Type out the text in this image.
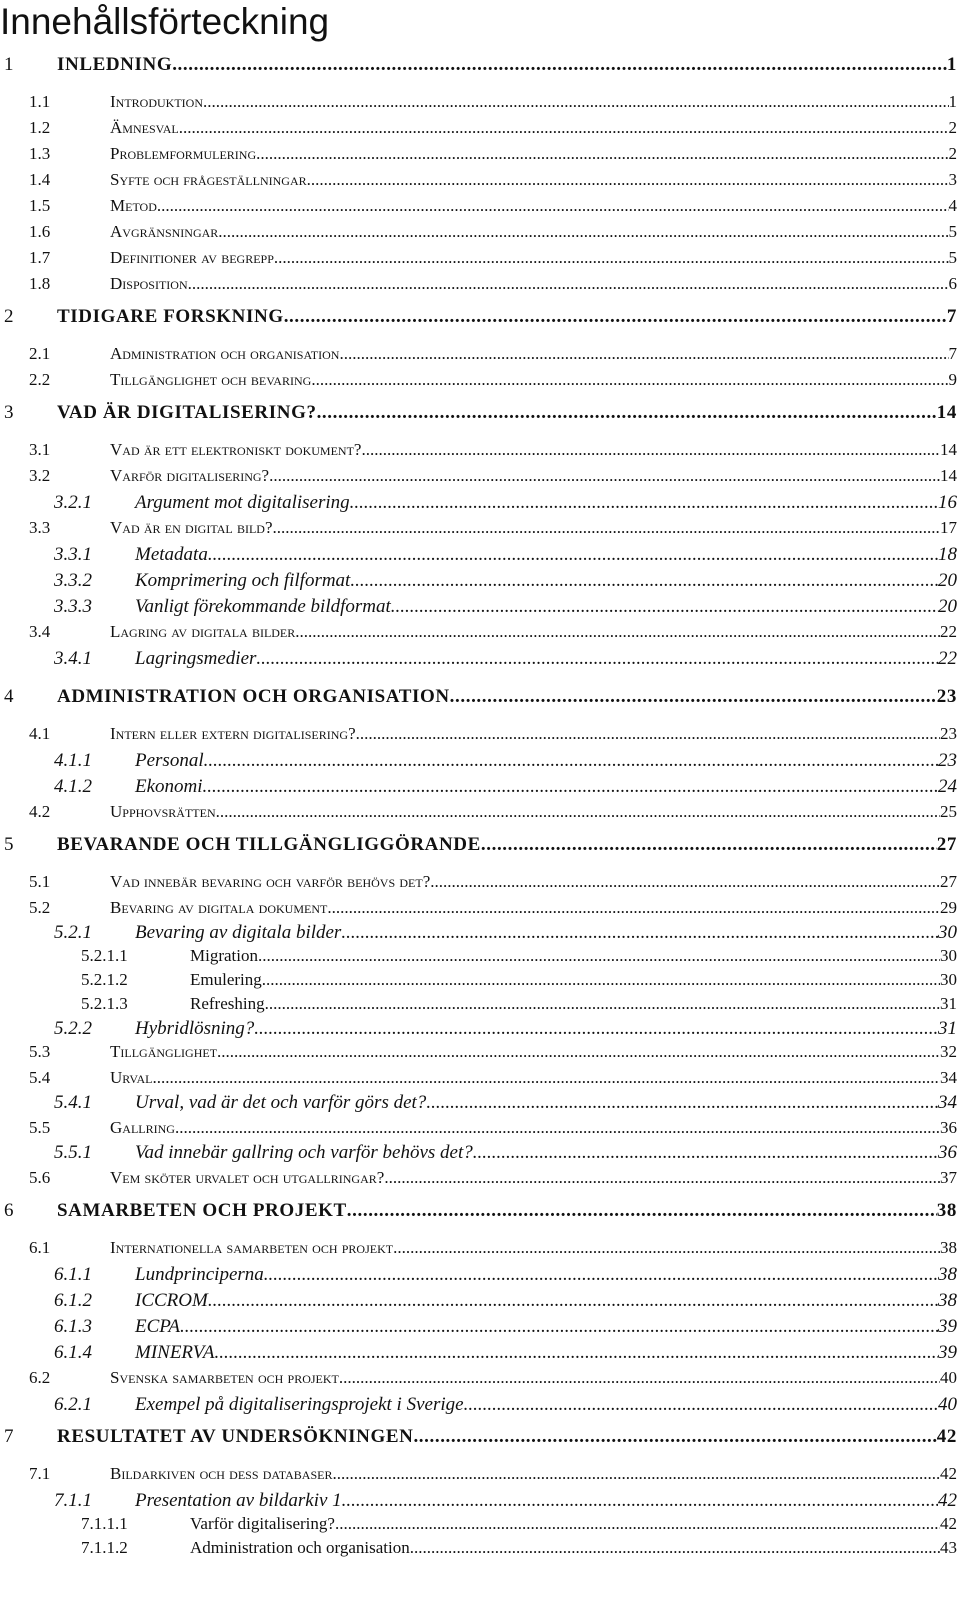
Innehållsförteckning
1	INLEDNING .....	1
1.1	Introduktion .....	1
1.2	Ämnesval .....	2
1.3	Problemformulering .....	2
1.4	Syfte och frågeställningar .....	3
1.5	Metod .....	4
1.6	Avgränsningar .....	5
1.7	Definitioner av begrepp .....	5
1.8	Disposition .....	6
2	TIDIGARE FORSKNING .....	7
2.1	Administration och organisation .....	7
2.2	Tillgänglighet och bevaring .....	9
3	VAD ÄR DIGITALISERING? .....	14
3.1	Vad är ett elektroniskt dokument? .....	14
3.2	Varför digitalisering? .....	14
3.2.1	Argument mot digitalisering .....	16
3.3	Vad är en digital bild? .....	17
3.3.1	Metadata .....	18
3.3.2	Komprimering och filformat .....	20
3.3.3	Vanligt förekommande bildformat .....	20
3.4	Lagring av digitala bilder .....	22
3.4.1	Lagringsmedier .....	22
4	ADMINISTRATION OCH ORGANISATION .....	23
4.1	Intern eller extern digitalisering? .....	23
4.1.1	Personal .....	23
4.1.2	Ekonomi .....	24
4.2	Upphovsrätten .....	25
5	BEVARANDE OCH TILLGÄNGLIGGÖRANDE .....	27
5.1	Vad innebär bevaring och varför behövs det? .....	27
5.2	Bevaring av digitala dokument .....	29
5.2.1	Bevaring av digitala bilder .....	30
5.2.1.1	Migration .....	30
5.2.1.2	Emulering .....	30
5.2.1.3	Refreshing .....	31
5.2.2	Hybridlösning? .....	31
5.3	Tillgänglighet .....	32
5.4	Urval .....	34
5.4.1	Urval, vad är det och varför görs det? .....	34
5.5	Gallring .....	36
5.5.1	Vad innebär gallring och varför behövs det? .....	36
5.6	Vem sköter urvalet och utgallringar? .....	37
6	SAMARBETEN OCH PROJEKT .....	38
6.1	Internationella samarbeten och projekt .....	38
6.1.1	Lundprinciperna .....	38
6.1.2	ICCROM .....	38
6.1.3	ECPA .....	39
6.1.4	MINERVA .....	39
6.2	Svenska samarbeten och projekt .....	40
6.2.1	Exempel på digitaliseringsprojekt i Sverige .....	40
7	RESULTATET AV UNDERSÖKNINGEN .....	42
7.1	Bildarkiven och dess databaser .....	42
7.1.1	Presentation av bildarkiv 1 .....	42
7.1.1.1	Varför digitalisering? .....	42
7.1.1.2	Administration och organisation .....	43
